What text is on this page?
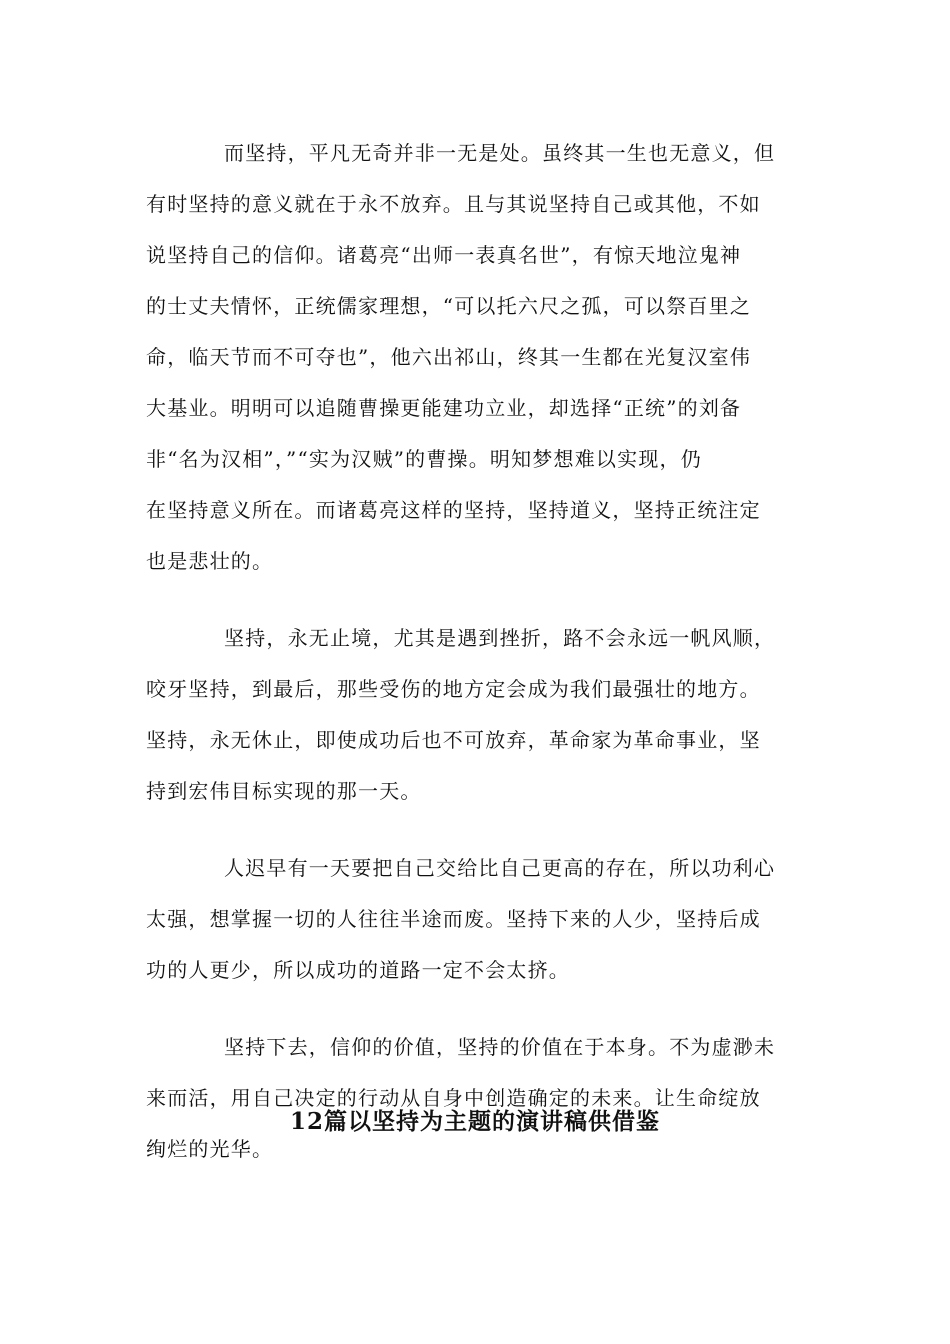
而坚持，平凡无奇并非一无是处。虽终其一生也无意义，但
有时坚持的意义就在于永不放弃。且与其说坚持自己或其他，不如
说坚持自己的信仰。诸葛亮“出师一表真名世”，有惊天地泣鬼神
的士丈夫情怀，正统儒家理想，“可以托六尺之孤，可以祭百里之
命，临天节而不可夺也”，他六出祁山，终其一生都在光复汉室伟
大基业。明明可以追随曹操更能建功立业，却选择“正统”的刘备
非“名为汉相”，”“实为汉贼”的曹操。明知梦想难以实现，仍
在坚持意义所在。而诸葛亮这样的坚持，坚持道义，坚持正统注定
也是悲壮的。
坚持，永无止境，尤其是遇到挫折，路不会永远一帆风顺，
咬牙坚持，到最后，那些受伤的地方定会成为我们最强壮的地方。
坚持，永无休止，即使成功后也不可放弃，革命家为革命事业，坚
持到宏伟目标实现的那一天。
人迟早有一天要把自己交给比自己更高的存在，所以功利心
太强，想掌握一切的人往往半途而废。坚持下来的人少，坚持后成
功的人更少，所以成功的道路一定不会太挤。
坚持下去，信仰的价值，坚持的价值在于本身。不为虚渺未
来而活，用自己决定的行动从自身中创造确定的未来。让生命绽放
绚烂的光华。
12篇以坚持为主题的演讲稿供借鉴
